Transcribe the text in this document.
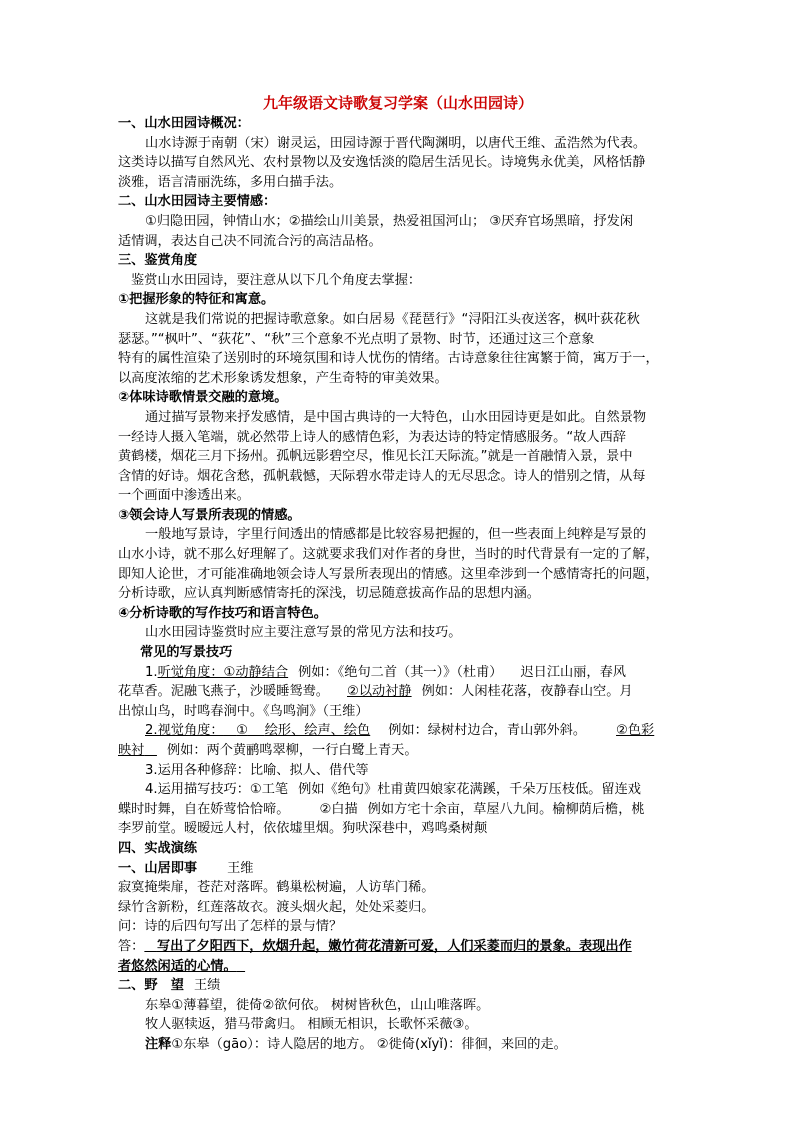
九年级语文诗歌复习学案（山水田园诗）
一、山水田园诗概况：
山水诗源于南朝（宋）谢灵运，田园诗源于晋代陶渊明，以唐代王维、孟浩然为代表。
这类诗以描写自然风光、农村景物以及安逸恬淡的隐居生活见长。诗境隽永优美，风格恬静
淡雅，语言清丽洗练，多用白描手法。
二、山水田园诗主要情感：
①归隐田园，钟情山水；②描绘山川美景，热爱祖国河山； ③厌弃官场黑暗，抒发闲
适情调，表达自己决不同流合污的高洁品格。
三、鉴赏角度
鉴赏山水田园诗，要注意从以下几个角度去掌握：
①把握形象的特征和寓意。
这就是我们常说的把握诗歌意象。如白居易《琵琶行》“浔阳江头夜送客，枫叶荻花秋
瑟瑟。”“枫叶”、“荻花”、“秋”三个意象不光点明了景物、时节，还通过这三个意象
特有的属性渲染了送别时的环境氛围和诗人忧伤的情绪。古诗意象往往寓繁于简，寓万于一，
以高度浓缩的艺术形象诱发想象，产生奇特的审美效果。
②体味诗歌情景交融的意境。
通过描写景物来抒发感情，是中国古典诗的一大特色，山水田园诗更是如此。自然景物
一经诗人摄入笔端，就必然带上诗人的感情色彩，为表达诗的特定情感服务。“故人西辞
黄鹤楼，烟花三月下扬州。孤帆远影碧空尽，惟见长江天际流。”就是一首融情入景，景中
含情的好诗。烟花含愁，孤帆载憾，天际碧水带走诗人的无尽思念。诗人的惜别之情，从每
一个画面中渗透出来。
③领会诗人写景所表现的情感。
一般地写景诗，字里行间透出的情感都是比较容易把握的，但一些表面上纯粹是写景的
山水小诗，就不那么好理解了。这就要求我们对作者的身世，当时的时代背景有一定的了解，
即知人论世，才可能准确地领会诗人写景所表现出的情感。这里牵涉到一个感情寄托的问题，
分析诗歌，应认真判断感情寄托的深浅，切忌随意拔高作品的思想内涵。
④分析诗歌的写作技巧和语言特色。
山水田园诗鉴赏时应主要注意写景的常见方法和技巧。
常见的写景技巧
1.听觉角度：①动静结合 例如：《绝句二首（其一）》（杜甫） 迟日江山丽，春风
花草香。泥融飞燕子，沙暖睡鸳鸯。 ②以动衬静 例如：人闲桂花落，夜静春山空。月
出惊山鸟，时鸣春涧中。《鸟鸣涧》（王维）
2.视觉角度： ① 绘形、绘声、绘色 例如：绿树村边合，青山郭外斜。 ②色彩
映衬 例如：两个黄鹂鸣翠柳，一行白鹭上青天。
3.运用各种修辞：比喻、拟人、借代等
4.运用描写技巧：①工笔 例如《绝句》杜甫黄四娘家花满蹊，千朵万压枝低。留连戏
蝶时时舞，自在娇莺恰恰啼。 ②白描 例如方宅十余亩，草屋八九间。榆柳荫后檐，桃
李罗前堂。暧暧远人村，依依墟里烟。狗吠深巷中，鸡鸣桑树颠
四、实战演练
一、山居即事 王维
寂寞掩柴扉，苍茫对落晖。鹤巢松树遍，人访荜门稀。
绿竹含新粉，红莲落故衣。渡头烟火起，处处采菱归。
问：诗的后四句写出了怎样的景与情？
答： 写出了夕阳西下，炊烟升起，嫩竹荷花清新可爱，人们采菱而归的景象。表现出作
者悠然闲适的心情。
二、野　望 王绩
东皋①薄暮望，徙倚②欲何依。 树树皆秋色，山山唯落晖。
牧人驱犊返，猎马带禽归。 相顾无相识，长歌怀采薇③。
注释①东皋（gāo）：诗人隐居的地方。 ②徙倚(xǐyǐ)：徘徊，来回的走。
